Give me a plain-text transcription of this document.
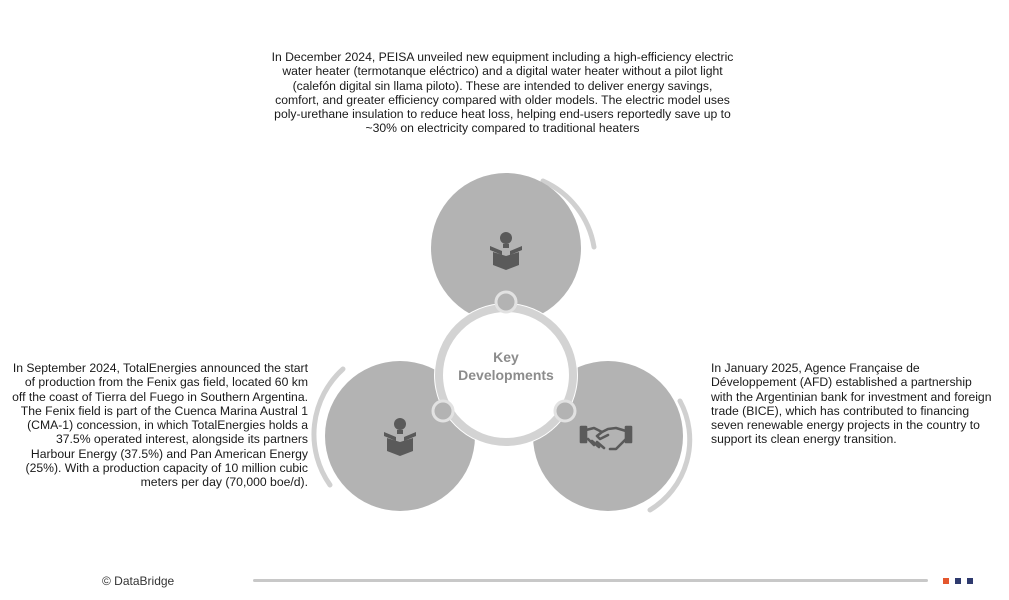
In December 2024, PEISA unveiled new equipment including a high-efficiency electric water heater (termotanque eléctrico) and a digital water heater without a pilot light (calefón digital sin llama piloto). These are intended to deliver energy savings, comfort, and greater efficiency compared with older models. The electric model uses poly-urethane insulation to reduce heat loss, helping end-users reportedly save up to ~30% on electricity compared to traditional heaters
In September 2024, TotalEnergies announced the start of production from the Fenix gas field, located 60 km off the coast of Tierra del Fuego in Southern Argentina. The Fenix field is part of the Cuenca Marina Austral 1 (CMA-1) concession, in which TotalEnergies holds a 37.5% operated interest, alongside its partners Harbour Energy (37.5%) and Pan American Energy (25%). With a production capacity of 10 million cubic meters per day (70,000 boe/d).
In January 2025, Agence Française de Développement (AFD) established a partnership with the Argentinian bank for investment and foreign trade (BICE), which has contributed to financing seven renewable energy projects in the country to support its clean energy transition.
Key
Developments
© DataBridge
